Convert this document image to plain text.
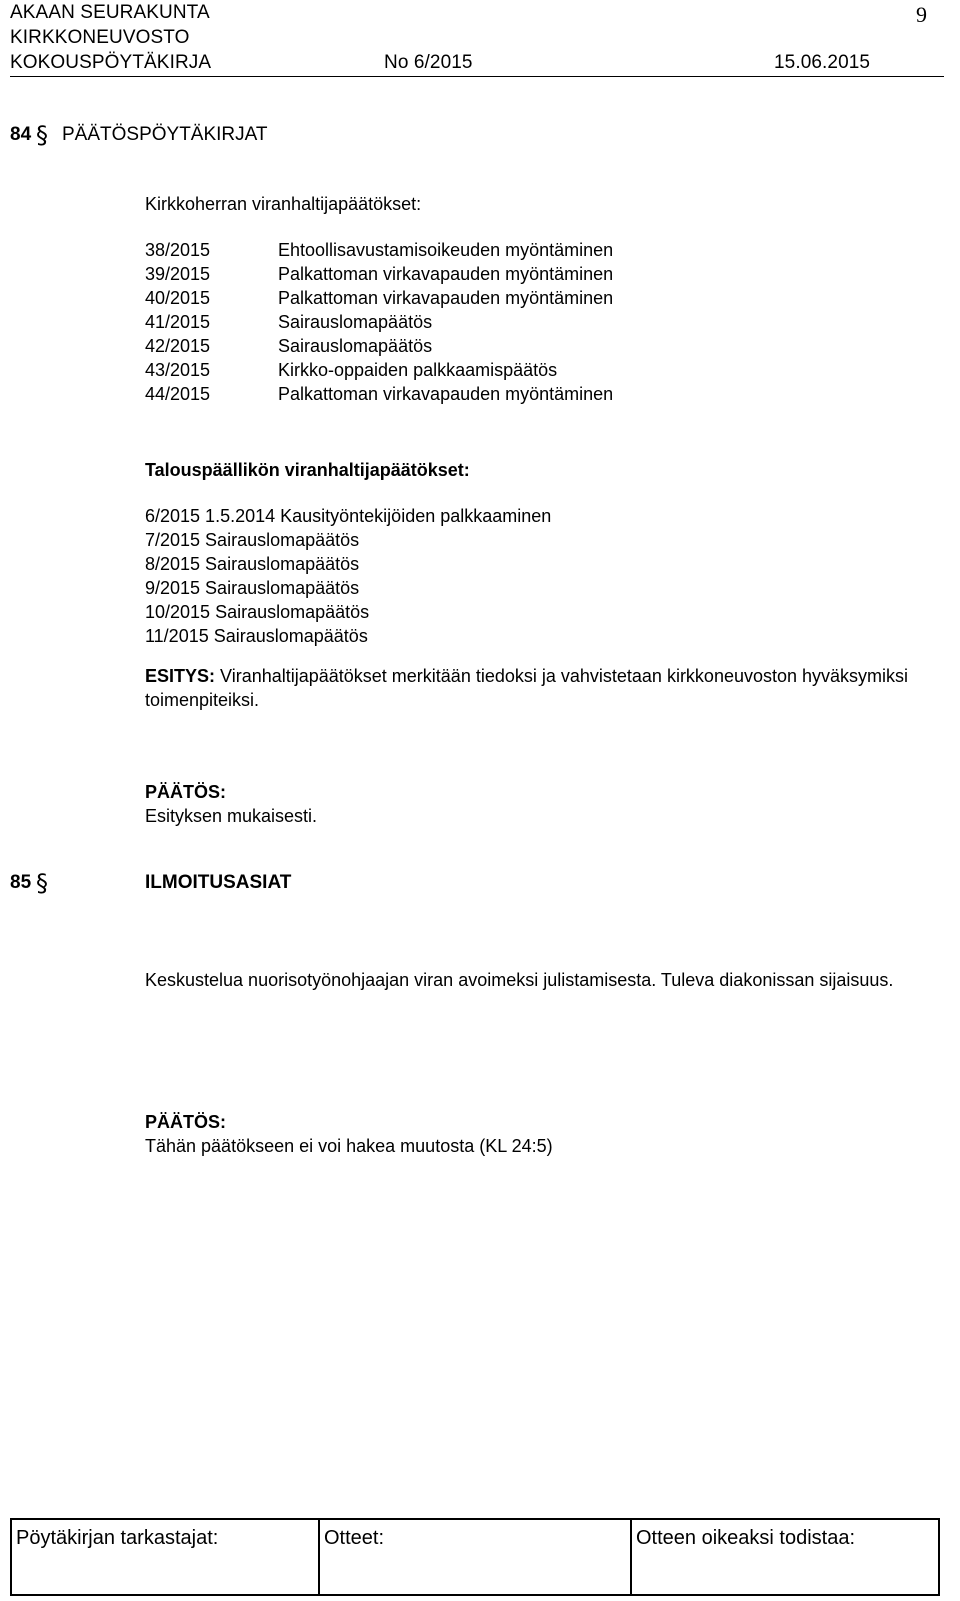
AKAAN SEURAKUNTA
KIRKKONEUVOSTO
KOKOUSPÖYTÄKIRJA	No 6/2015	15.06.2015
9
84 § PÄÄTÖSPÖYTÄKIRJAT
Kirkkoherran viranhaltijapäätökset:
38/2015	Ehtoollisavustamisoikeuden myöntäminen
39/2015	Palkattoman virkavapauden myöntäminen
40/2015	Palkattoman virkavapauden myöntäminen
41/2015	Sairauslomapäätös
42/2015	Sairauslomapäätös
43/2015	Kirkko-oppaiden palkkaamispäätös
44/2015	Palkattoman virkavapauden myöntäminen
Talouspäällikön viranhaltijapäätökset:
6/2015 1.5.2014 Kausityöntekijöiden palkkaaminen
7/2015 Sairauslomapäätös
8/2015 Sairauslomapäätös
9/2015 Sairauslomapäätös
10/2015 Sairauslomapäätös
11/2015 Sairauslomapäätös
ESITYS: Viranhaltijapäätökset merkitään tiedoksi ja vahvistetaan kirkkoneuvoston hyväksymiksi toimenpiteiksi.
PÄÄTÖS:
Esityksen mukaisesti.
85 §	ILMOITUSASIAT
Keskustelua nuorisotyönohjaajan viran avoimeksi julistamisesta. Tuleva diakonissan sijaisuus.
PÄÄTÖS:
Tähän päätökseen ei voi hakea muutosta (KL 24:5)
Pöytäkirjan tarkastajat:	Otteet:	Otteen oikeaksi todistaa:
